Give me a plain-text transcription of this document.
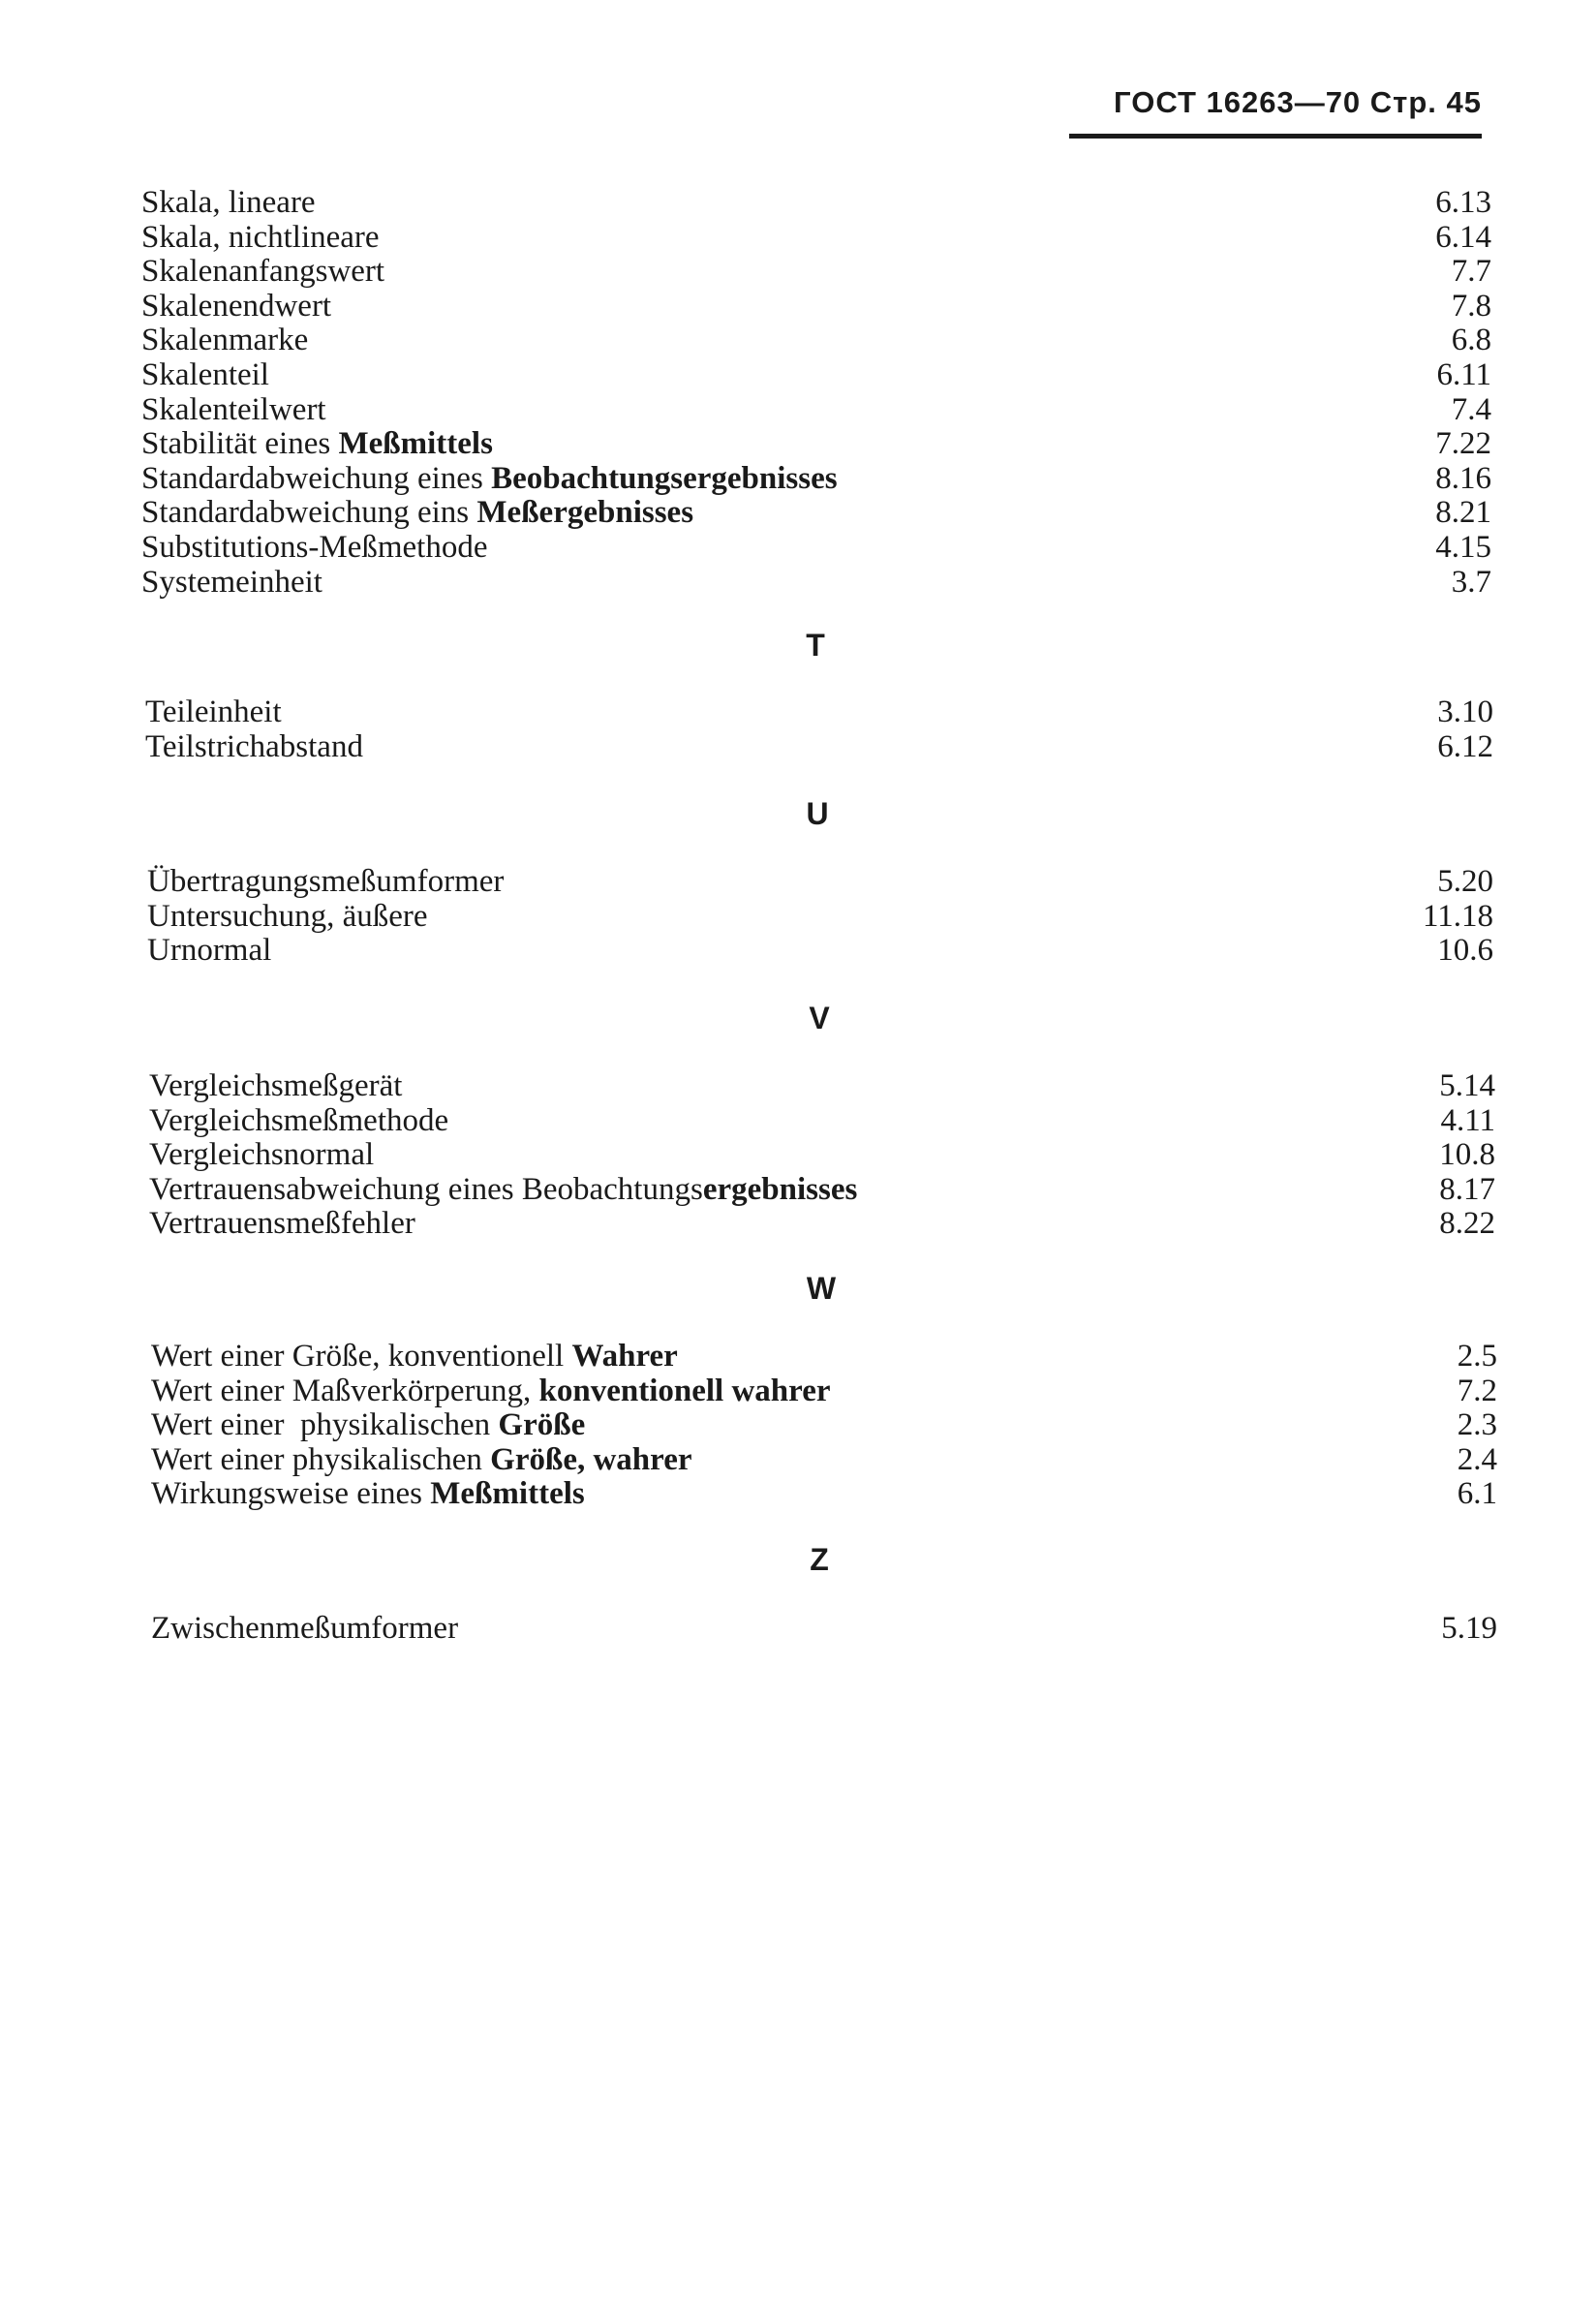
ГОСТ 16263—70 Стр. 45
Skala, lineare	6.13
Skala, nichtlineare	6.14
Skalenanfangswert	7.7
Skalenendwert	7.8
Skalenmarke	6.8
Skalenteil	6.11
Skalenteilwert	7.4
Stabilität eines Meßmittels	7.22
Standardabweichung eines Beobachtungsergebnisses	8.16
Standardabweichung eins Meßergebnisses	8.21
Substitutions-Meßmethode	4.15
Systemeinheit	3.7
T
Teileinheit	3.10
Teilstrichabstand	6.12
U
Übertragungsmeßumformer	5.20
Untersuchung, äußere	11.18
Urnormal	10.6
V
Vergleichsmeßgerät	5.14
Vergleichsmeßmethode	4.11
Vergleichsnormal	10.8
Vertrauensabweichung eines Beobachtungsergebnisses	8.17
Vertrauensmeßfehler	8.22
W
Wert einer Größe, konventionell Wahrer	2.5
Wert einer Maßverkörperung, konventionell wahrer	7.2
Wert einer  physikalischen Größe	2.3
Wert einer physikalischen Größe, wahrer	2.4
Wirkungsweise eines Meßmittels	6.1
Z
Zwischenmeßumformer	5.19
